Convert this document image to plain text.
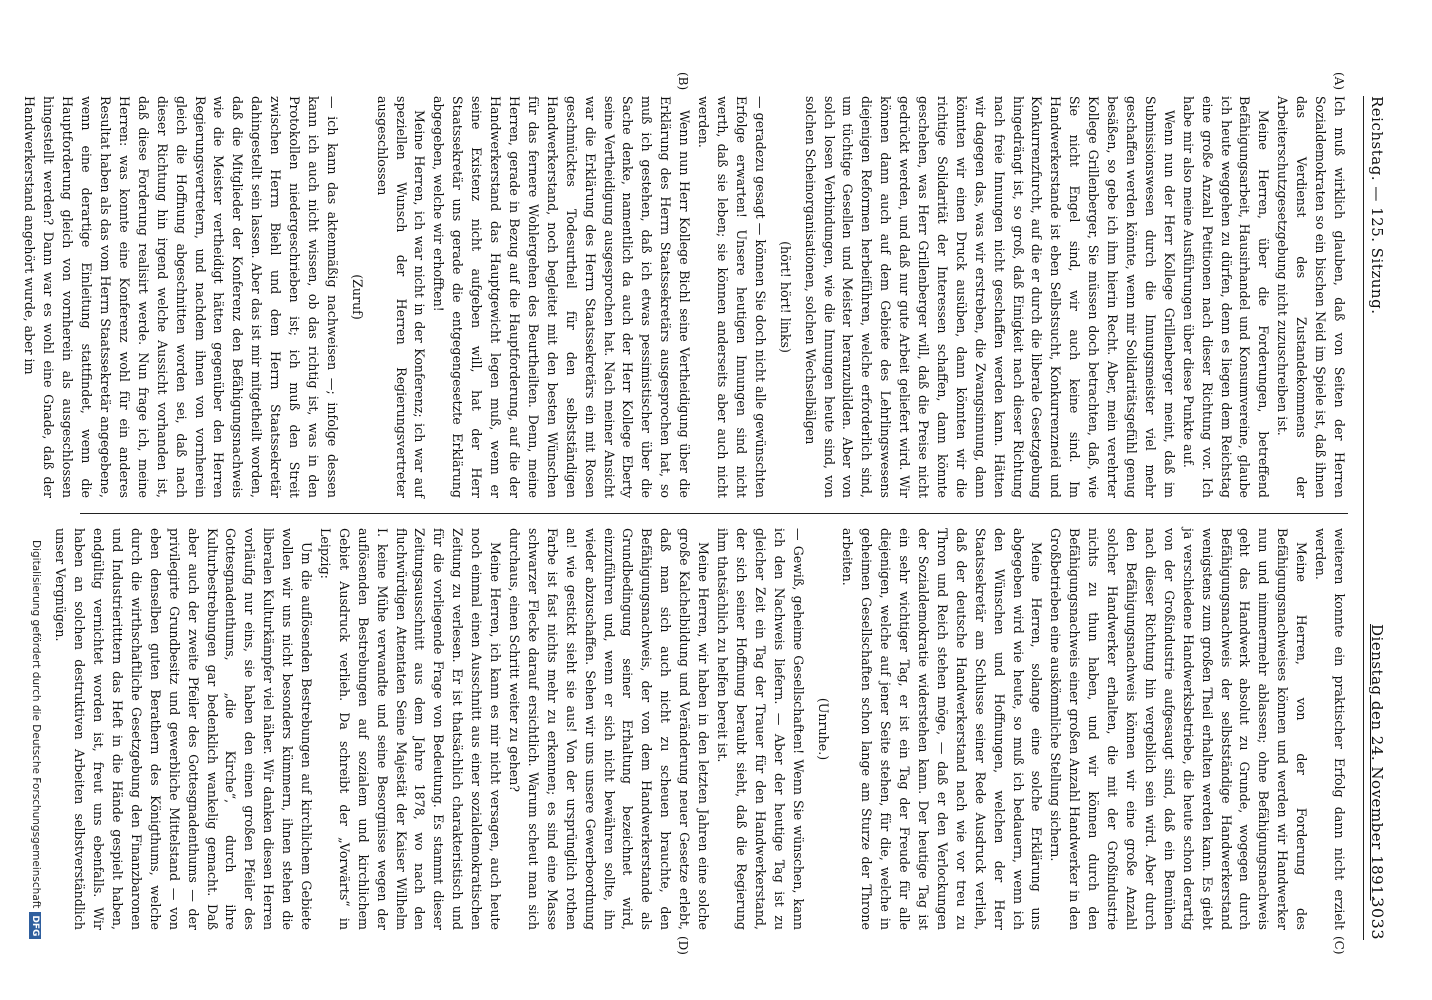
Reichstag. — 125. Sitzung.
Dienstag den 24. November 1891.
3033
(A)
(B)
(C)
(D)

Ich muß wirklich glauben, daß von Seiten der Herren Sozialdemokraten so ein bischen Neid im Spiele ist, daß ihnen das Verdienst des Zustandekommens der Arbeiterschutzgesetzgebung nicht zuzuschreiben ist.

Meine Herren, über die Forderungen, betreffend Befähigungsarbeit, Hausirhandel und Konsumvereine, glaube ich heute weggehen zu dürfen, denn es liegen dem Reichstag eine große Anzahl Petitionen nach dieser Richtung vor. Ich habe mir also meine Ausführungen über diese Punkte auf.

Wenn nun der Herr Kollege Grillenberger meint, daß im Submissionswesen durch die Innungsmeister viel mehr geschaffen werden könnte, wenn mir Solidaritätsgefühl genug besäßen, so gebe ich ihm hierin Recht. Aber, mein verehrter Kollege Grillenberger, Sie müssen doch betrachten, daß, wie Sie nicht Engel sind, wir auch keine sind. Im Handwerkerstande ist eben Selbstsucht, Konkurrenzneid und Konkurrenzfurcht, auf die er durch die liberale Gesetzgebung hingedrängt ist, so groß, daß Einigkeit nach dieser Richtung nach freie Innungen nicht geschaffen werden kann. Hätten wir dagegen das, was wir erstreben, die Zwangsinnung, dann könnten wir einen Druck ausüben, dann könnten wir die richtige Solidarität der Interessen schaffen, dann könnte geschehen, was Herr Grillenberger will, daß die Preise nicht gedrückt werden, und daß nur gute Arbeit geliefert wird. Wir können dann auch auf dem Gebiete des Lehrlingswesens diejenigen Reformen herbeiführen, welche erforderlich sind, um tüchtige Gesellen und Meister heranzubilden. Aber von solch losen Verbindungen, wie die Innungen heute sind, von solchen Scheinorganisationen, solchen Wechselbälgen

(hört! hört! links)

— geradezu gesagt — können Sie doch nicht alle gewünschten Erfolge erwarten! Unsere heutigen Innungen sind nicht werth, daß sie leben; sie können anderseits aber auch nicht werden.

Wenn nun Herr Kollege Bichl seine Vertheidigung über die Erklärung des Herrn Staatssekretärs ausgesprochen hat, so muß ich gestehen, daß ich etwas pessimistischer über die Sache denke, namentlich da auch der Herr Kollege Eberty seine Vertheidigung ausgesprochen hat. Nach meiner Ansicht war die Erklärung des Herrn Staatssekretärs ein mit Rosen geschmücktes Todesurtheil für den selbstständigen Handwerkerstand, noch begleitet mit den besten Wünschen für das fernere Wohlergehen des Beurtheilten. Denn, meine Herren, gerade in Bezug auf die Hauptforderung, auf die der Handwerkerstand das Hauptgewicht legen muß, wenn er seine Existenz nicht aufgeben will, hat der Herr Staatssekretär uns gerade die entgegengesetzte Erklärung abgegeben, welche wir erhofften!

Meine Herren, ich war nicht in der Konferenz; ich war auf speziellen Wunsch der Herren Regierungsvertreter ausgeschlossen

(Zuruf)

— ich kann das aktenmäßig nachweisen —; infolge dessen kann ich auch nicht wissen, ob das richtig ist, was in den Protokollen niedergeschrieben ist; ich muß den Streit zwischen Herrn Biehl und dem Herrn Staatssekretär dahingestellt sein lassen. Aber das ist mir mitgetheilt worden, daß die Mitglieder der Konferenz den Befähigungsnachweis wie die Meister vertheidigt hätten gegenüber den Herren Regierungsvertretern, und nachdem ihnen von vornherein gleich die Hoffnung abgeschnitten worden sei, daß nach dieser Richtung hin irgend welche Aussicht vorhanden ist, daß diese Forderung realisirt werde. Nun frage ich, meine Herren: was konnte eine Konferenz wohl für ein anderes Resultat haben als das vom Herrn Staatssekretär angegebene, wenn eine derartige Einleitung stattfindet, wenn die Hauptforderung gleich von vornherein als ausgeschlossen hingestellt werden? Dann war es wohl eine Gnade, daß der Handwerkerstand angehört wurde, aber im

weiteren konnte ein praktischer Erfolg dann nicht erzielt werden.

Meine Herren, von der Forderung des Befähigungsnachweises können und werden wir Handwerker nun und nimmermehr ablassen; ohne Befähigungsnachweis geht das Handwerk absolut zu Grunde, wogegen durch Befähigungsnachweis der selbstständige Handwerkerstand wenigstens zum großen Theil erhalten werden kann. Es giebt ja verschiedene Handwerksbetriebe, die heute schon derartig von der Großindustrie aufgesaugt sind, daß ein Bemühen nach dieser Richtung hin vergeblich sein wird. Aber durch den Befähigungsnachweis können wir eine große Anzahl solcher Handwerker erhalten, die mit der Großindustrie nichts zu thun haben, und wir können durch den Befähigungsnachweis einer großen Anzahl Handwerker in den Großbetrieben eine auskömmliche Stellung sichern.

Meine Herren, solange eine solche Erklärung uns abgegeben wird wie heute, so muß ich bedauern, wenn ich den Wünschen und Hoffnungen, welchen der Herr Staatssekretär am Schlusse seiner Rede Ausdruck verlieh, daß der deutsche Handwerkerstand nach wie vor treu zu Thron und Reich stehen möge, — daß er den Verlockungen der Sozialdemokratie widerstehen kann. Der heutige Tag ist ein sehr wichtiger Tag, er ist ein Tag der Freude für alle diejenigen, welche auf jener Seite stehen, für die, welche in geheimen Gesellschaften schon lange am Sturze der Throne arbeiten.

(Unruhe.)

— Gewiß, geheime Gesellschaften! Wenn Sie wünschen, kann ich den Nachweis liefern. — Aber der heutige Tag ist zu gleicher Zeit ein Tag der Trauer für den Handwerkerstand, der sich seiner Hoffnung beraubt sieht, daß die Regierung ihm thatsächlich zu helfen bereit ist.

Meine Herren, wir haben in den letzten Jahren eine solche große Kalchelbildung und Veränderung neuer Gesetze erlebt, daß man sich auch nicht zu scheuen brauchte, den Befähigungsnachweis, der von dem Handwerkerstande als Grundbedingung seiner Erhaltung bezeichnet wird, einzuführen und, wenn er sich nicht bewähren sollte, ihn wieder abzuschaffen. Sehen wir uns unsere Gewerbeordnung an! wie gestickt sieht sie aus! Von der ursprünglich rothen Farbe ist fast nichts mehr zu erkennen; es sind eine Masse schwarzer Flecke darauf ersichtlich. Warum scheut man sich durchaus, einen Schritt weiter zu gehen?

Meine Herren, ich kann es mir nicht versagen, auch heute noch einmal einen Ausschnitt aus einer sozialdemokratischen Zeitung zu verlesen. Er ist thatsächlich charakteristisch und für die vorliegende Frage von Bedeutung. Es stammt dieser Zeitungsausschnitt aus dem Jahre 1878, wo nach den fluchwürdigen Attentaten Seine Majestät der Kaiser Wilhelm I. keine Mühe verwandte und seine Besorgnisse wegen der auflösenden Bestrebungen auf sozialem und kirchlichem Gebiet Ausdruck verlieh. Da schreibt der „Vorwärts“ in Leipzig:

Um die auflösenden Bestrebungen auf kirchlichem Gebiete wollen wir uns nicht besonders kümmern, ihnen stehen die liberalen Kulturkämpfer viel näher. Wir danken diesen Herren vorläufig nur eins, sie haben den einen großen Pfeiler des Gottesgnadenthums, „die Kirche“, durch ihre Kulturbestrebungen gar bedenklich wankelig gemacht. Daß aber auch der zweite Pfeiler des Gottesgnadenthums — der privilegirte Grundbesitz und gewerbliche Mittelstand — von eben denselben guten Berathern des Königthums, welche durch die wirthschaftliche Gesetzgebung den Finanzbaronen und Industrieritttern das Heft in die Hände gespielt haben, endgültig vernichtet worden ist, freut uns ebenfalls. Wir haben an solchen destruktiven Arbeiten selbstverständlich unser Vergnügen.

Digitalisierung gefördert durch die Deutsche ForschungsgemeinschaftDFG
